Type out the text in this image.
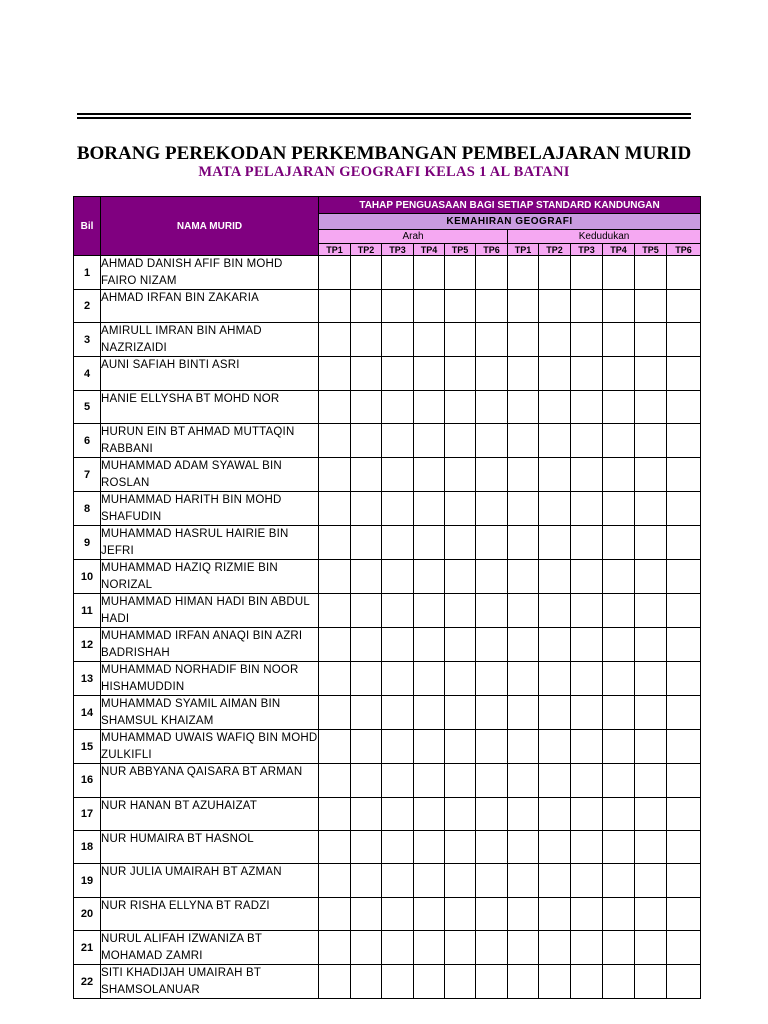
BORANG PEREKODAN PERKEMBANGAN PEMBELAJARAN MURID
MATA PELAJARAN GEOGRAFI KELAS 1 AL BATANI
Bil	NAMA MURID	TAHAP PENGUASAAN BAGI SETIAP STANDARD KANDUNGAN											
		KEMAHIRAN GEOGRAFI											
		Arah						Kedudukan					
		TP1	TP2	TP3	TP4	TP5	TP6	TP1	TP2	TP3	TP4	TP5	TP6
1	AHMAD DANISH AFIF BIN MOHD FAIRO NIZAM												
2	AHMAD IRFAN BIN ZAKARIA												
3	AMIRULL IMRAN BIN AHMAD NAZRIZAIDI												
4	AUNI SAFIAH BINTI ASRI												
5	HANIE ELLYSHA BT MOHD NOR												
6	HURUN EIN BT AHMAD MUTTAQIN RABBANI												
7	MUHAMMAD ADAM SYAWAL BIN ROSLAN												
8	MUHAMMAD HARITH BIN MOHD SHAFUDIN												
9	MUHAMMAD HASRUL HAIRIE BIN JEFRI												
10	MUHAMMAD HAZIQ RIZMIE BIN NORIZAL												
11	MUHAMMAD HIMAN HADI BIN ABDUL HADI												
12	MUHAMMAD IRFAN ANAQI BIN AZRI BADRISHAH												
13	MUHAMMAD NORHADIF BIN NOOR HISHAMUDDIN												
14	MUHAMMAD SYAMIL AIMAN BIN SHAMSUL KHAIZAM												
15	MUHAMMAD UWAIS WAFIQ BIN MOHD ZULKIFLI												
16	NUR ABBYANA QAISARA BT ARMAN												
17	NUR HANAN BT AZUHAIZAT												
18	NUR HUMAIRA BT HASNOL												
19	NUR JULIA UMAIRAH BT AZMAN												
20	NUR RISHA ELLYNA BT RADZI												
21	NURUL ALIFAH IZWANIZA BT MOHAMAD ZAMRI												
22	SITI KHADIJAH UMAIRAH BT SHAMSOLANUAR												
